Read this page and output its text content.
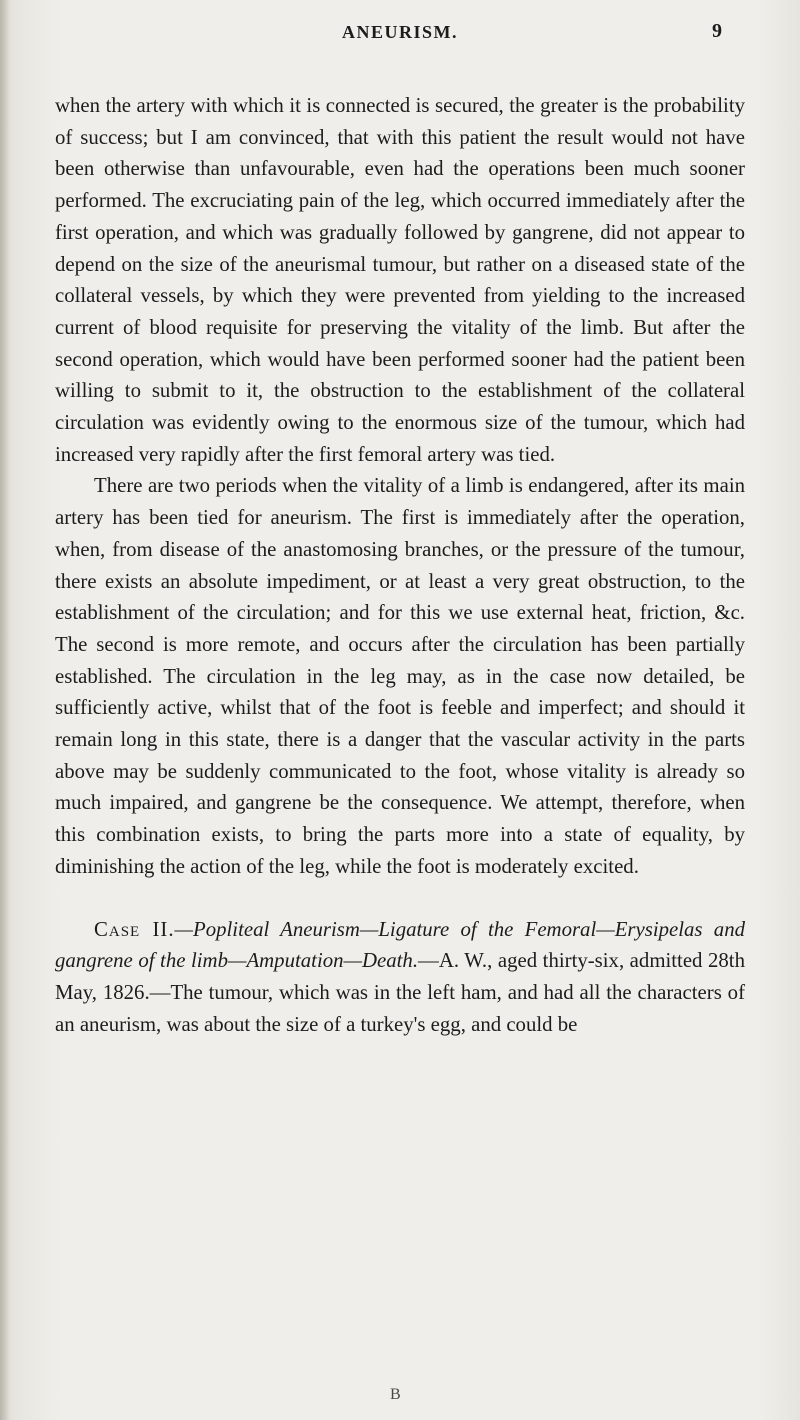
ANEURISM.	9

when the artery with which it is connected is secured, the greater is the probability of success; but I am convinced, that with this patient the result would not have been otherwise than unfavourable, even had the operations been much sooner performed. The excruciating pain of the leg, which occurred immediately after the first operation, and which was gradually followed by gangrene, did not appear to depend on the size of the aneurismal tumour, but rather on a diseased state of the collateral vessels, by which they were prevented from yielding to the increased current of blood requisite for preserving the vitality of the limb. But after the second operation, which would have been performed sooner had the patient been willing to submit to it, the obstruction to the establishment of the collateral circulation was evidently owing to the enormous size of the tumour, which had increased very rapidly after the first femoral artery was tied.

There are two periods when the vitality of a limb is endangered, after its main artery has been tied for aneurism. The first is immediately after the operation, when, from disease of the anastomosing branches, or the pressure of the tumour, there exists an absolute impediment, or at least a very great obstruction, to the establishment of the circulation; and for this we use external heat, friction, &c. The second is more remote, and occurs after the circulation has been partially established. The circulation in the leg may, as in the case now detailed, be sufficiently active, whilst that of the foot is feeble and imperfect; and should it remain long in this state, there is a danger that the vascular activity in the parts above may be suddenly communicated to the foot, whose vitality is already so much impaired, and gangrene be the consequence. We attempt, therefore, when this combination exists, to bring the parts more into a state of equality, by diminishing the action of the leg, while the foot is moderately excited.

Case II.—Popliteal Aneurism—Ligature of the Femoral—Erysipelas and gangrene of the limb—Amputation—Death.—A. W., aged thirty-six, admitted 28th May, 1826.—The tumour, which was in the left ham, and had all the characters of an aneurism, was about the size of a turkey's egg, and could be

B
